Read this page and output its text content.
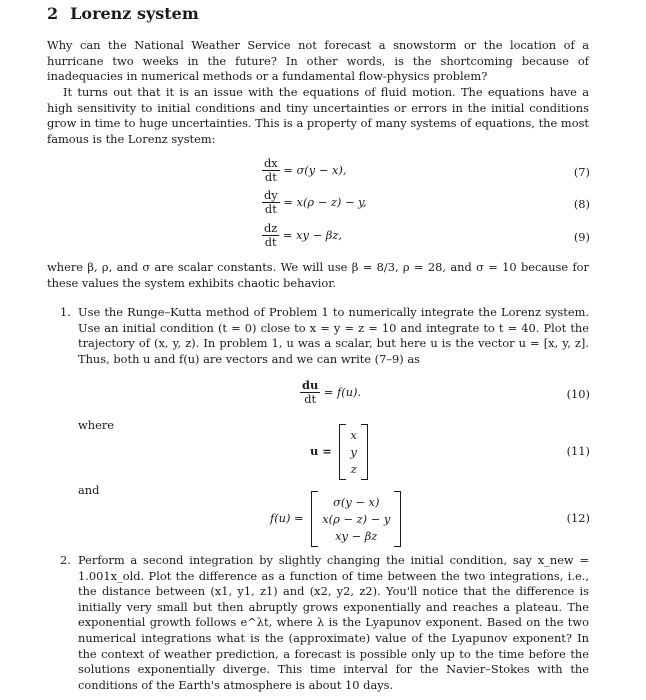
2 Lorenz system
Why can the National Weather Service not forecast a snowstorm or the location of a hurricane two weeks in the future? In other words, is the shortcoming because of inadequacies in numerical methods or a fundamental flow-physics problem?
It turns out that it is an issue with the equations of fluid motion. The equations have a high sensitivity to initial conditions and tiny uncertainties or errors in the initial conditions grow in time to huge uncertainties. This is a property of many systems of equations, the most famous is the Lorenz system:
$\frac{dx}{dt} = \sigma(y - x)$,	(7)
$\frac{dy}{dt} = x(\rho - z) - y$,	(8)
$\frac{dz}{dt}$ = xy − βz,	(9)
where β, ρ, and σ are scalar constants. We will use β = 8/3, ρ = 28, and σ = 10 because for these values the system exhibits chaotic behavior.
1. Use the Runge–Kutta method of Problem 1 to numerically integrate the Lorenz system. Use an initial condition (t = 0) close to x = y = z = 10 and integrate to t = 40. Plot the trajectory of (x, y, z). In problem 1, u was a scalar, but here u is the vector u = [x, y, z]. Thus, both u and f(u) are vectors and we can write (7–9) as
$\frac{du}{dt} = f(u)$.	(10)
where
u =
x
y
z
(11)
and
f(u) =
σ(y − x)
x(ρ − z) − y
xy − βz
(12)
2. Perform a second integration by slightly changing the initial condition, say x_new = 1.001x_old. Plot the difference as a function of time between the two integrations, i.e., the distance between (x1, y1, z1) and (x2, y2, z2). You'll notice that the difference is initially very small but then abruptly grows exponentially and reaches a plateau. The exponential growth follows e^λt, where λ is the Lyapunov exponent. Based on the two numerical integrations what is the (approximate) value of the Lyapunov exponent? In the context of weather prediction, a forecast is possible only up to the time before the solutions exponentially diverge. This time interval for the Navier–Stokes with the conditions of the Earth's atmosphere is about 10 days.
